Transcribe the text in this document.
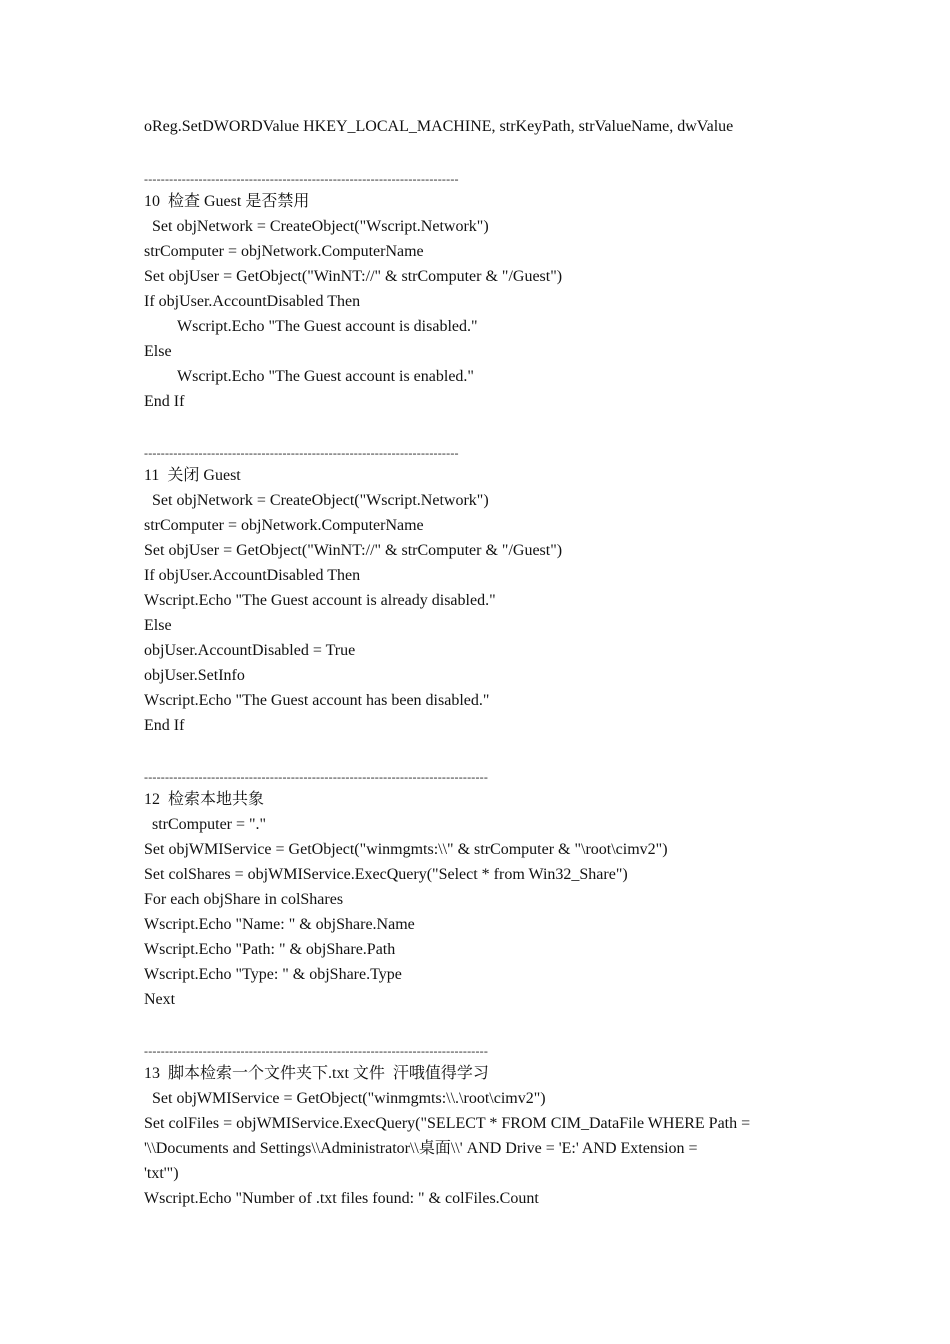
oReg.SetDWORDValue HKEY_LOCAL_MACHINE, strKeyPath, strValueName, dwValue
---------------------------------------------------------------------------
10  检查 Guest 是否禁用
Set objNetwork = CreateObject("Wscript.Network")
strComputer = objNetwork.ComputerName
Set objUser = GetObject("WinNT://" & strComputer & "/Guest")
If objUser.AccountDisabled Then
Wscript.Echo "The Guest account is disabled."
Else
Wscript.Echo "The Guest account is enabled."
End If
---------------------------------------------------------------------------
11  关闭 Guest
Set objNetwork = CreateObject("Wscript.Network")
strComputer = objNetwork.ComputerName
Set objUser = GetObject("WinNT://" & strComputer & "/Guest")
If objUser.AccountDisabled Then
Wscript.Echo "The Guest account is already disabled."
Else
objUser.AccountDisabled = True
objUser.SetInfo
Wscript.Echo "The Guest account has been disabled."
End If
----------------------------------------------------------------------------------
12  检索本地共象
strComputer = "."
Set objWMIService = GetObject("winmgmts:\\" & strComputer & "\root\cimv2")
Set colShares = objWMIService.ExecQuery("Select * from Win32_Share")
For each objShare in colShares
Wscript.Echo "Name: " & objShare.Name
Wscript.Echo "Path: " & objShare.Path
Wscript.Echo "Type: " & objShare.Type
Next
----------------------------------------------------------------------------------
13  脚本检索一个文件夹下.txt 文件  汗哦值得学习
Set objWMIService = GetObject("winmgmts:\\.\root\cimv2")
Set colFiles = objWMIService.ExecQuery("SELECT * FROM CIM_DataFile WHERE Path =
'\\Documents and Settings\\Administrator\\桌面\\' AND Drive = 'E:' AND Extension =
'txt'")
Wscript.Echo "Number of .txt files found: " & colFiles.Count
